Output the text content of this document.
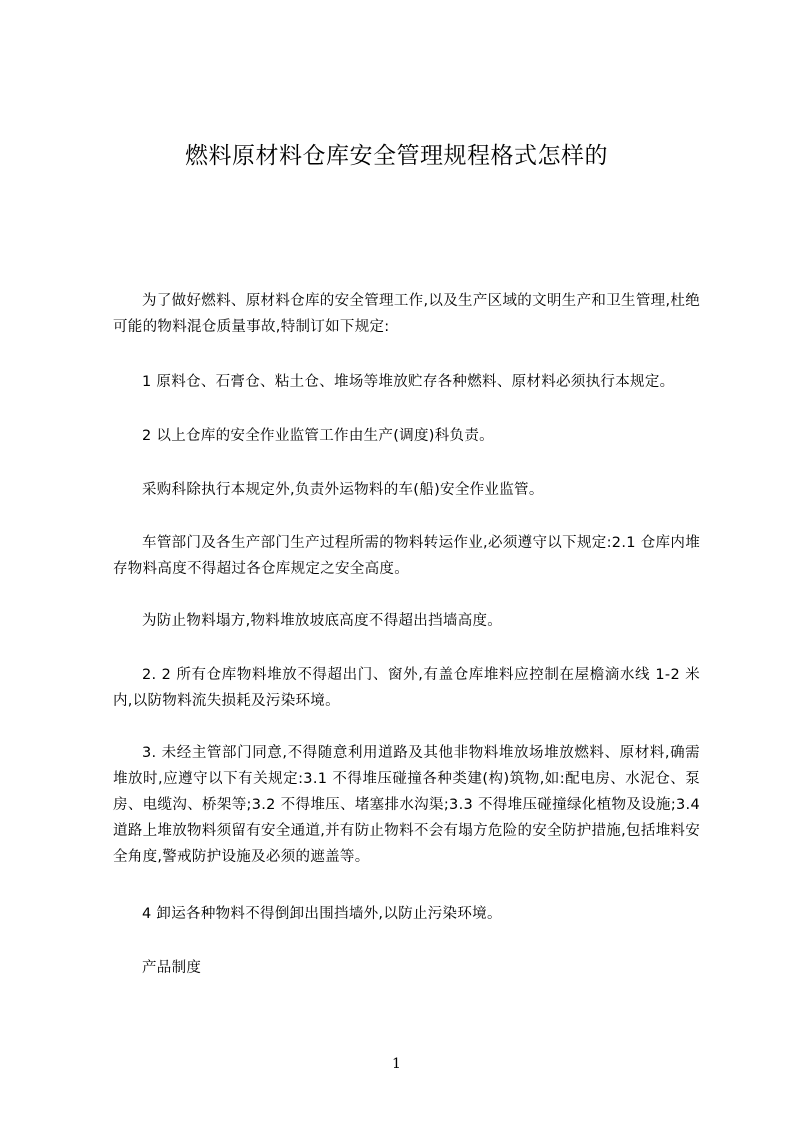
燃料原材料仓库安全管理规程格式怎样的

为了做好燃料、原材料仓库的安全管理工作,以及生产区域的文明生产和卫生管理,杜绝可能的物料混仓质量事故,特制订如下规定:

1 原料仓、石膏仓、粘土仓、堆场等堆放贮存各种燃料、原材料必须执行本规定。

2 以上仓库的安全作业监管工作由生产(调度)科负责。

采购科除执行本规定外,负责外运物料的车(船)安全作业监管。

车管部门及各生产部门生产过程所需的物料转运作业,必须遵守以下规定:2.1 仓库内堆存物料高度不得超过各仓库规定之安全高度。

为防止物料塌方,物料堆放坡底高度不得超出挡墙高度。

2. 2 所有仓库物料堆放不得超出门、窗外,有盖仓库堆料应控制在屋檐滴水线 1-2 米内,以防物料流失损耗及污染环境。

3. 未经主管部门同意,不得随意利用道路及其他非物料堆放场堆放燃料、原材料,确需堆放时,应遵守以下有关规定:3.1 不得堆压碰撞各种类建(构)筑物,如:配电房、水泥仓、泵房、电缆沟、桥架等;3.2 不得堆压、堵塞排水沟渠;3.3 不得堆压碰撞绿化植物及设施;3.4 道路上堆放物料须留有安全通道,并有防止物料不会有塌方危险的安全防护措施,包括堆料安全角度,警戒防护设施及必须的遮盖等。

4 卸运各种物料不得倒卸出围挡墙外,以防止污染环境。

产品制度

1
